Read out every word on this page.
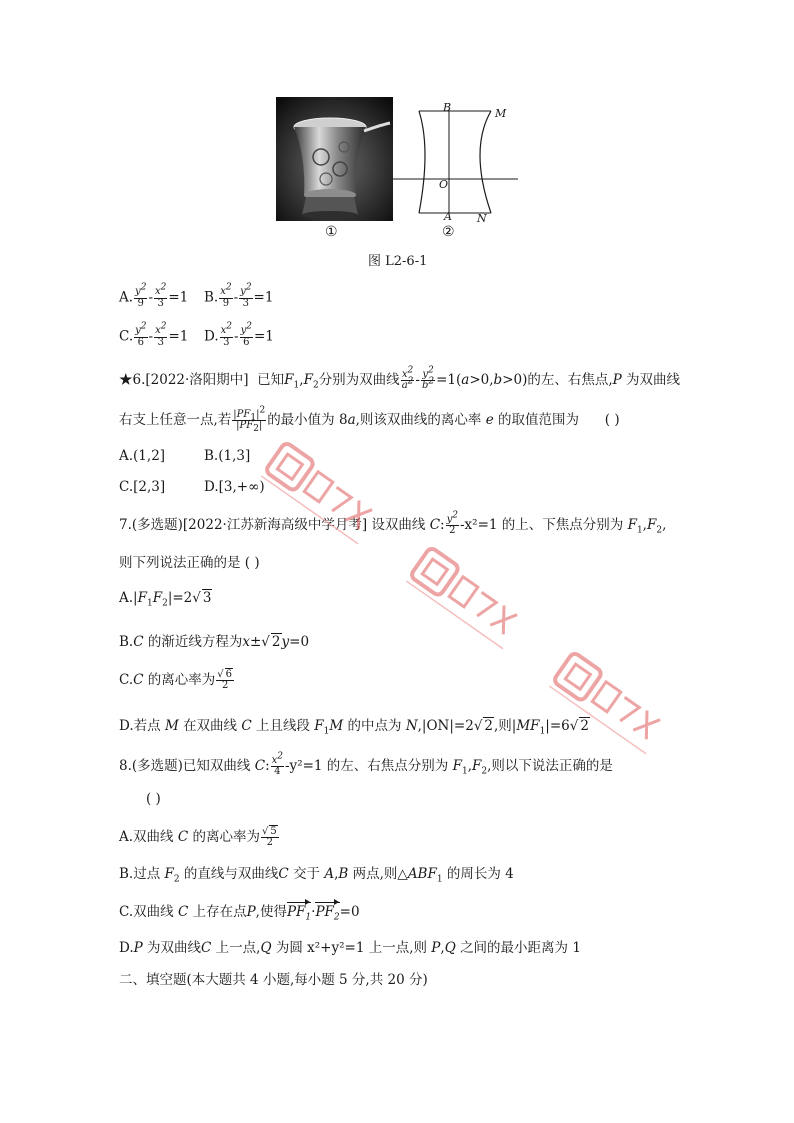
B	M
O
A N
①	②
图 L2-6-1
A. $\frac{y^2}{9} - \frac{x^2}{3} =1$ B. $\frac{x^2}{9} - \frac{y^2}{3} =1$
C. $\frac{y^2}{6} - \frac{x^2}{3} =1$ D. $\frac{x^2}{3} - \frac{y^2}{6} =1$
★6.[2022·洛阳期中] 已知$F_1,F_2$分别为双曲线 $\frac{x^2}{a^2} - \frac{y^2}{b^2} =1(a>0,b>0)$的左、右焦点,P 为双曲线
右支上任意一点,若 $\frac{|PF_1|^2}{|PF_2|}$ 的最小值为 8a,则该双曲线的离心率 e 的取值范围为 ( )
A.(1,2]	B.(1,3]
C.[2,3]	D.[3,+∞)
7.(多选题)[2022·江苏新海高级中学月考] 设双曲线 C: $\frac{y^2}{2} -x^2=1$ 的上、下焦点分别为 $F_1,F_2$,
则下列说法正确的是 ( )
$A.|F_1F_2|=2√$ 3
B.C 的渐近线方程为x±√ 2y=0
C.C 的离心率为 $\frac{√ 6}{2}$
D.若点 M 在双曲线 C 上且线段 $F_1M$ 的中点为 N,|ON|=2√ 2,则$|MF_1|=6√$ 2
8.(多选题)已知双曲线 C: $\frac{x^2}{4} -y^2=1$ 的左、右焦点分别为 $F_1,F_2$,则以下说法正确的是
( )
A.双曲线 C 的离心率为 $\frac{√ 5}{2}$
B.过点 $F_2$ 的直线与双曲线C 交于 A,B 两点,则$\triangle ABF_1$ 的周长为 4
C.双曲线 C 上存在点P,使得$PF_1\cdot PF_2=0$
D.P 为双曲线C 上一点,Q 为圆 x²+y²=1 上一点,则 P,Q 之间的最小距离为 1
二、填空题(本大题共 4 小题,每小题 5 分,共 20 分)
